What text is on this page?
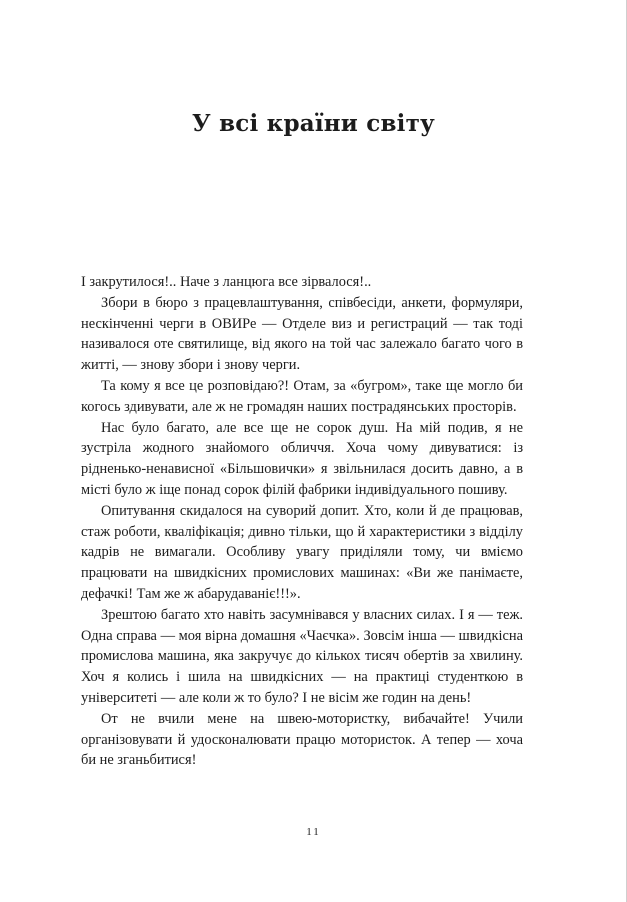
У всі країни світу

І закрутилося!.. Наче з ланцюга все зірвалося!..

Збори в бюро з працевлаштування, співбесіди, анкети, формуляри, нескінченні черги в ОВИРе — Отделе виз и регистраций — так тоді називалося оте святилище, від якого на той час залежало багато чого в житті, — знову збори і знову черги.

Та кому я все це розповідаю?! Отам, за «бугром», таке ще могло би когось здивувати, але ж не громадян наших пострадянських просторів.

Нас було багато, але все ще не сорок душ. На мій подив, я не зустріла жодного знайомого обличчя. Хоча чому дивуватися: із рідненько-ненависної «Більшовички» я звільнилася досить давно, а в місті було ж іще понад сорок філій фабрики індивідуального пошиву.

Опитування скидалося на суворий допит. Хто, коли й де працював, стаж роботи, кваліфікація; дивно тільки, що й характеристики з відділу кадрів не вимагали. Особливу увагу приділяли тому, чи вміємо працювати на швидкісних промислових машинах: «Ви же панімаєте, дефачкі! Там же ж абарудаваніє!!!».

Зрештою багато хто навіть засумнівався у власних силах. І я — теж. Одна справа — моя вірна домашня «Чаєчка». Зовсім інша — швидкісна промислова машина, яка закручує до кількох тисяч обертів за хвилину. Хоч я колись і шила на швидкісних — на практиці студенткою в університеті — але коли ж то було? І не вісім же годин на день!

От не вчили мене на швею-мотористку, вибачайте! Учили організовувати й удосконалювати працю мотористок. А тепер — хоча би не зганьбитися!

11
